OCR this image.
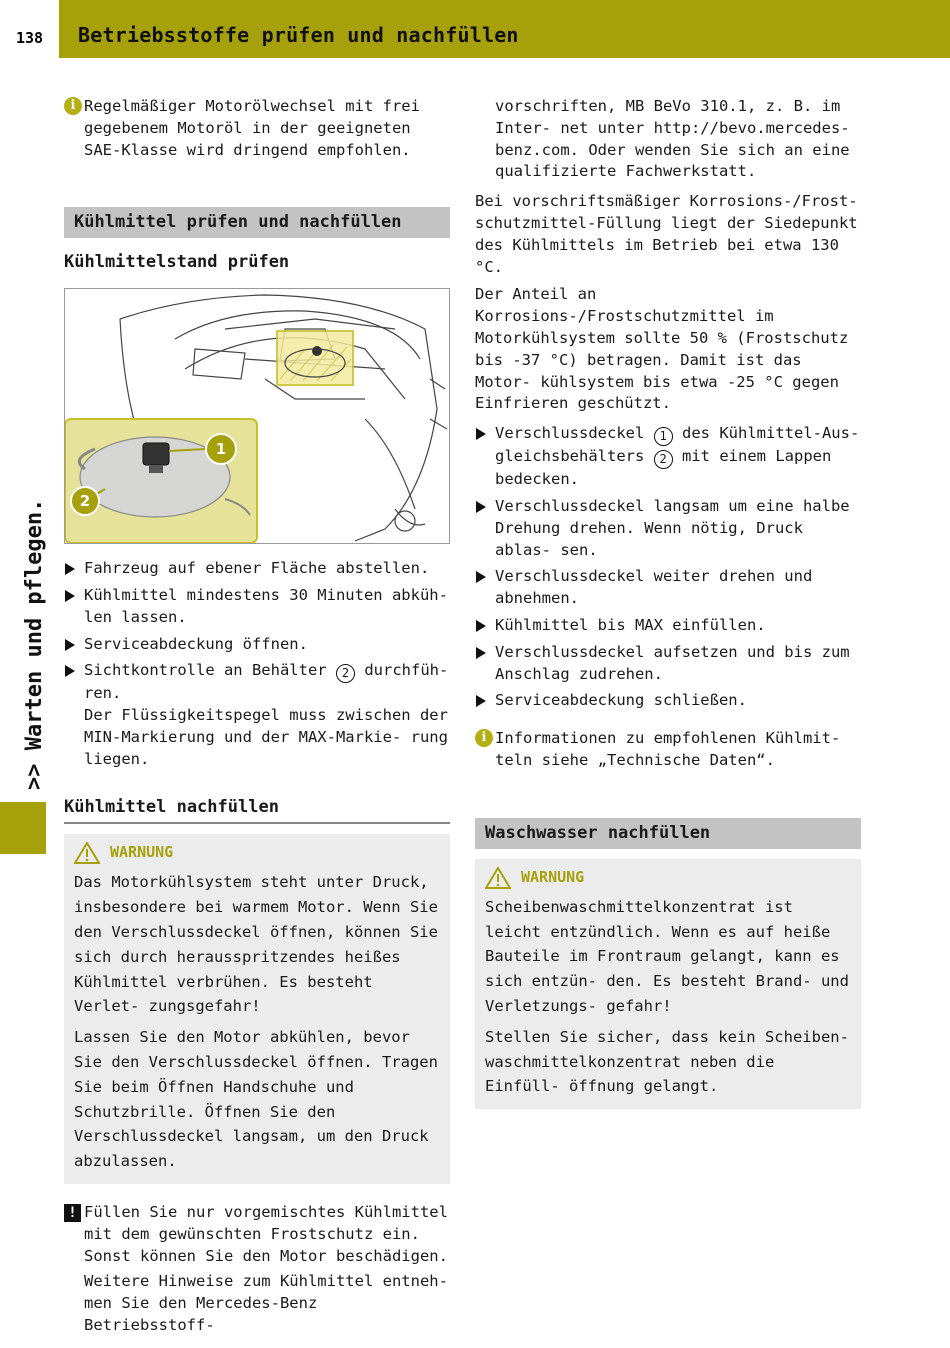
138	Betriebsstoffe prüfen und nachfüllen
>> Warten und pflegen.
i Regelmäßiger Motorölwechsel mit frei gegebenem Motoröl in der geeigneten SAE-Klasse wird dringend empfohlen.

Kühlmittel prüfen und nachfüllen
Kühlmittelstand prüfen
1
2

Fahrzeug auf ebener Fläche abstellen.

Kühlmittel mindestens 30 Minuten abküh- len lassen.

Serviceabdeckung öffnen.

Sichtkontrolle an Behälter 2 durchfüh- ren.

Der Flüssigkeitspegel muss zwischen der MIN-Markierung und der MAX-Markie- rung liegen.

Kühlmittel nachfüllen
WARNUNG

Das Motorkühlsystem steht unter Druck, insbesondere bei warmem Motor. Wenn Sie den Verschlussdeckel öffnen, können Sie sich durch herausspritzendes heißes Kühlmittel verbrühen. Es besteht Verlet- zungsgefahr!

Lassen Sie den Motor abkühlen, bevor Sie den Verschlussdeckel öffnen. Tragen Sie beim Öffnen Handschuhe und Schutzbrille. Öffnen Sie den Verschlussdeckel langsam, um den Druck abzulassen.

! Füllen Sie nur vorgemischtes Kühlmittel mit dem gewünschten Frostschutz ein. Sonst können Sie den Motor beschädigen.

Weitere Hinweise zum Kühlmittel entneh- men Sie den Mercedes-Benz Betriebsstoff-

vorschriften, MB BeVo 310.1, z. B. im Inter- net unter http://bevo.mercedes-benz.com. Oder wenden Sie sich an eine qualifizierte Fachwerkstatt.

Bei vorschriftsmäßiger Korrosions-/Frost- schutzmittel-Füllung liegt der Siedepunkt des Kühlmittels im Betrieb bei etwa 130 °C.

Der Anteil an Korrosions-/Frostschutzmittel im Motorkühlsystem sollte 50 % (Frostschutz bis -37 °C) betragen. Damit ist das Motor- kühlsystem bis etwa -25 °C gegen Einfrieren geschützt.

Verschlussdeckel 1 des Kühlmittel-Aus- gleichsbehälters 2 mit einem Lappen bedecken.

Verschlussdeckel langsam um eine halbe Drehung drehen. Wenn nötig, Druck ablas- sen.

Verschlussdeckel weiter drehen und abnehmen.

Kühlmittel bis MAX einfüllen.

Verschlussdeckel aufsetzen und bis zum Anschlag zudrehen.

Serviceabdeckung schließen.

i Informationen zu empfohlenen Kühlmit- teln siehe „Technische Daten“.

Waschwasser nachfüllen
WARNUNG

Scheibenwaschmittelkonzentrat ist leicht entzündlich. Wenn es auf heiße Bauteile im Frontraum gelangt, kann es sich entzün- den. Es besteht Brand- und Verletzungs- gefahr!

Stellen Sie sicher, dass kein Scheiben- waschmittelkonzentrat neben die Einfüll- öffnung gelangt.
